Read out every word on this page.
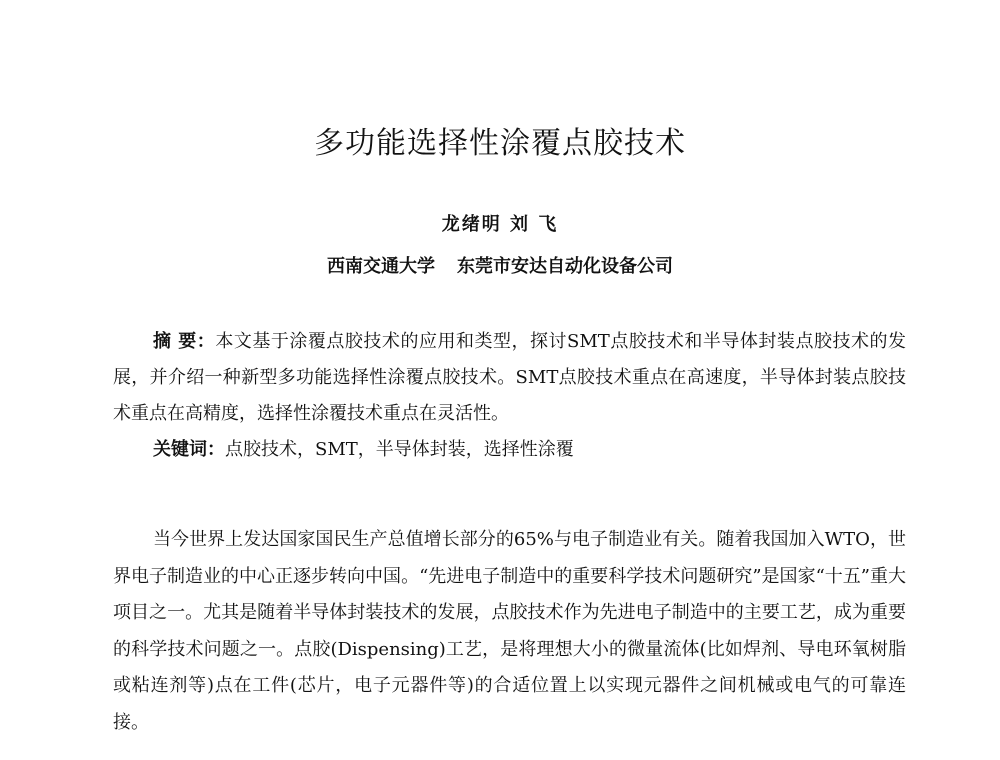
多功能选择性涂覆点胶技术
龙绪明 刘 飞
西南交通大学 东莞市安达自动化设备公司

摘 要：本文基于涂覆点胶技术的应用和类型，探讨SMT点胶技术和半导体封装点胶技术的发展，并介绍一种新型多功能选择性涂覆点胶技术。SMT点胶技术重点在高速度，半导体封装点胶技术重点在高精度，选择性涂覆技术重点在灵活性。

关键词：点胶技术，SMT，半导体封装，选择性涂覆

当今世界上发达国家国民生产总值增长部分的65%与电子制造业有关。随着我国加入WTO，世界电子制造业的中心正逐步转向中国。“先进电子制造中的重要科学技术问题研究”是国家“十五”重大项目之一。尤其是随着半导体封装技术的发展，点胶技术作为先进电子制造中的主要工艺，成为重要的科学技术问题之一。点胶(Dispensing)工艺，是将理想大小的微量流体(比如焊剂、导电环氧树脂或粘连剂等)点在工件(芯片，电子元器件等)的合适位置上以实现元器件之间机械或电气的可靠连接。
